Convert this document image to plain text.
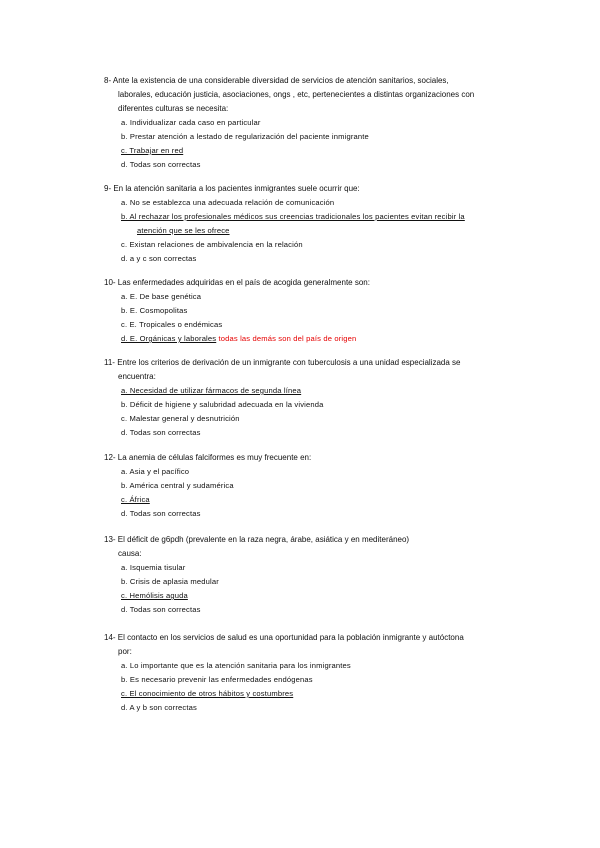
8- Ante la existencia de una considerable diversidad de servicios de atención sanitarios, sociales,
laborales, educación justicia, asociaciones, ongs , etc, pertenecientes a distintas organizaciones con
diferentes culturas se necesita:

a. Individualizar cada caso en particular

b. Prestar atención a lestado de regularización del paciente inmigrante

c. Trabajar en red

d. Todas son correctas

9- En la atención sanitaria a los pacientes inmigrantes suele ocurrir que:

a. No se establezca una adecuada relación de comunicación

b. Al rechazar los profesionales médicos sus creencias tradicionales los pacientes evitan recibir la
atención que se les ofrece

c. Existan relaciones de ambivalencia en la relación

d. a y c son correctas

10- Las enfermedades adquiridas en el país de acogida generalmente son:

a. E. De base genética

b. E. Cosmopolitas

c. E. Tropicales o endémicas

d. E. Orgánicas y laborales todas las demás son del país de origen

11- Entre los criterios de derivación de un inmigrante con tuberculosis a una unidad especializada se
encuentra:

a. Necesidad de utilizar fármacos de segunda línea

b. Déficit de higiene y salubridad adecuada en la vivienda

c. Malestar general y desnutrición

d. Todas son correctas

12- La anemia de células falciformes es muy frecuente en:

a. Asia y el pacífico

b. América central y sudamérica

c. África

d. Todas son correctas

13- El déficit de g6pdh (prevalente en la raza negra, árabe, asiática y en mediteráneo)
causa:

a. Isquemia tisular

b. Crisis de aplasia medular

c. Hemólisis aguda

d. Todas son correctas

14- El contacto en los servicios de salud es una oportunidad para la población inmigrante y autóctona
por:

a. Lo importante que es la atención sanitaria para los inmigrantes

b. Es necesario prevenir las enfermedades endógenas

c. El conocimiento de otros hábitos y costumbres

d. A y b son correctas
